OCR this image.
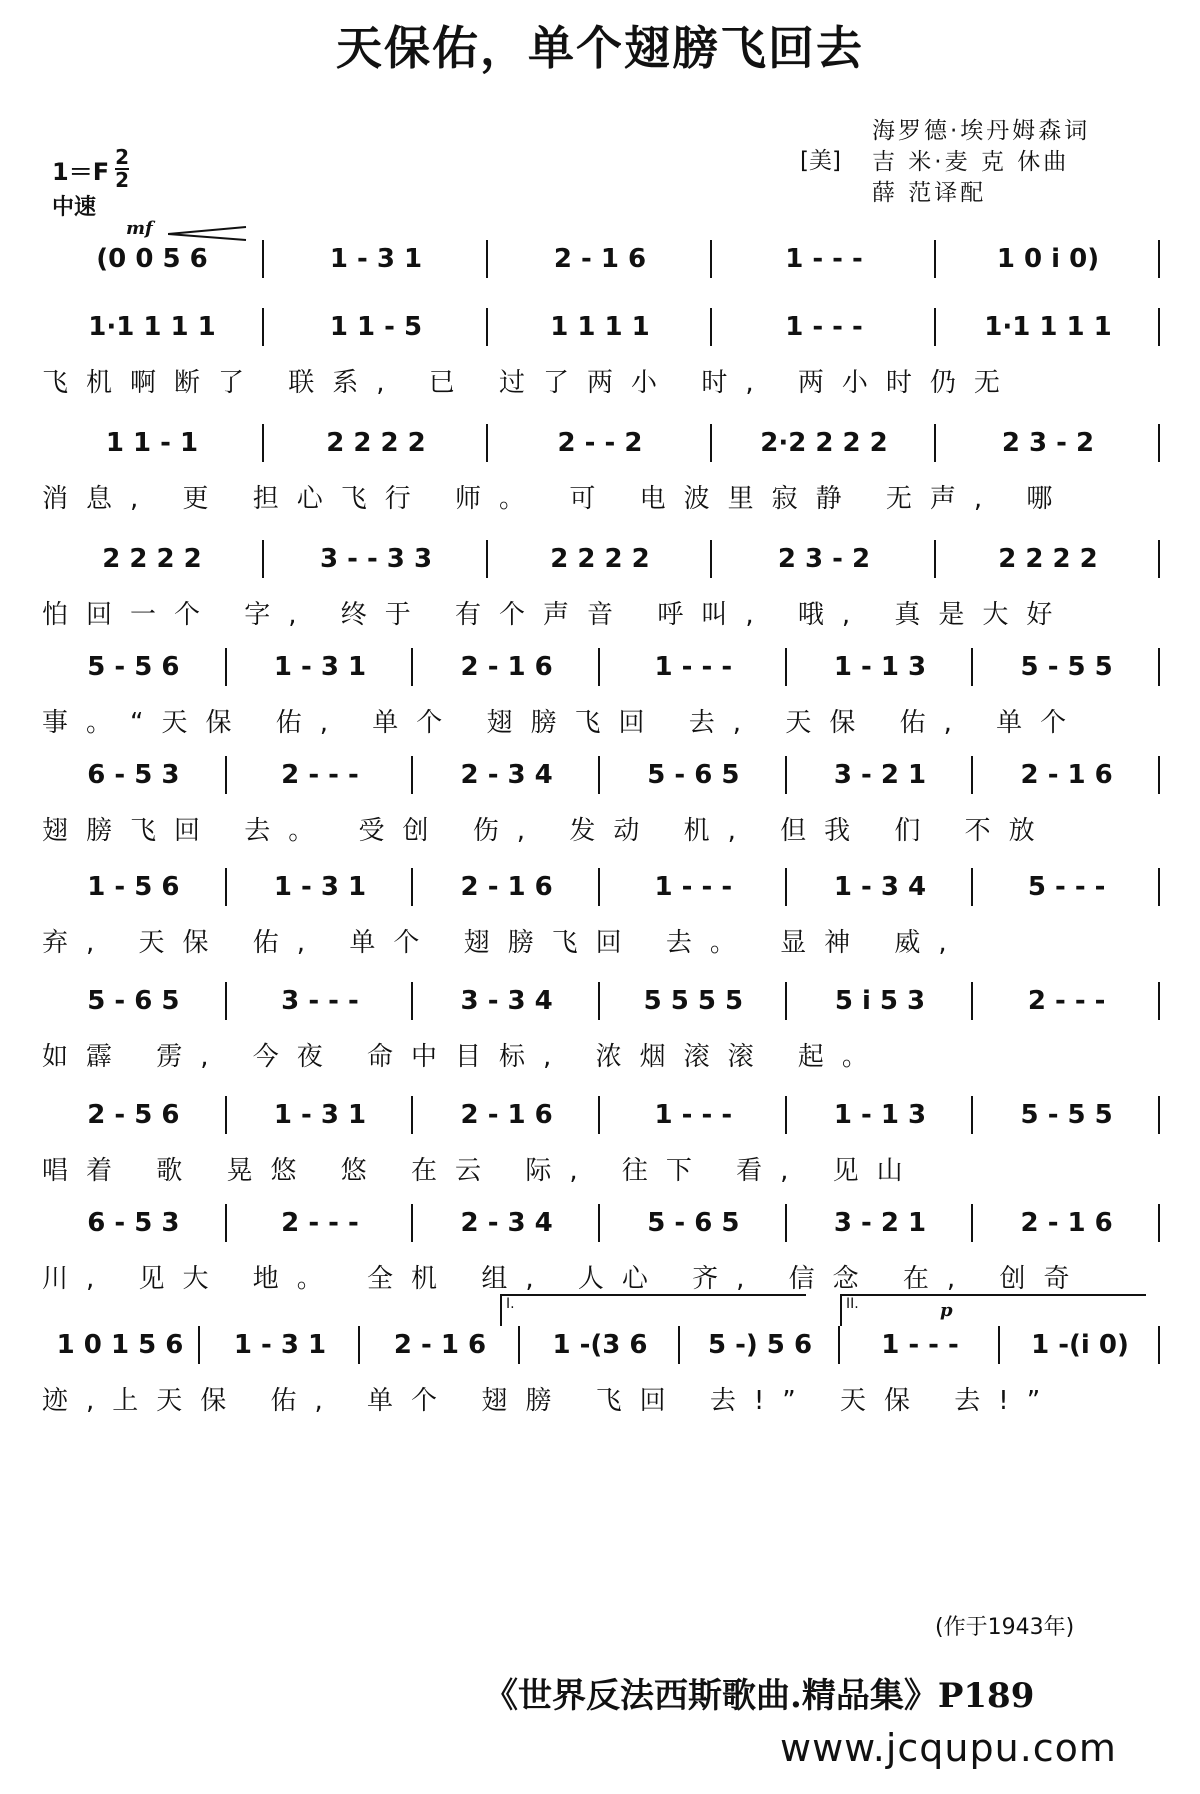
天保佑，单个翅膀飞回去
$1=F \frac{2}{2}$
中速
[美]
海罗德·埃丹姆森词
吉 米·麦 克 休曲
薛 范译配
mf
p
(0 0 5 6	1 - 3 1	2 - 1 6	1 - - -	1 0 i 0)
1·1 1 1 1	1 1 - 5	1 1 1 1	1 - - -	1·1 1 1 1
飞机啊断了 联系, 已 过了两小 时, 两小时仍无
1 1 - 1	2 2 2 2	2 - - 2	2·2 2 2 2	2 3 - 2
消息, 更 担心飞行 师。 可 电波里寂静 无声, 哪
2 2 2 2	3 - - 3 3	2 2 2 2	2 3 - 2	2 2 2 2
怕回一个 字, 终于 有个声音 呼叫, 哦, 真是大好
5 - 5 6	1 - 3 1	2 - 1 6	1 - - -	1 - 1 3	5 - 5 5
事。“天保 佑, 单个 翅膀飞回 去, 天保 佑, 单个
6 - 5 3	2 - - -	2 - 3 4	5 - 6 5	3 - 2 1	2 - 1 6
翅膀飞回 去。 受创 伤, 发动 机, 但我 们 不放
1 - 5 6	1 - 3 1	2 - 1 6	1 - - -	1 - 3 4	5 - - -
弃, 天保 佑, 单个 翅膀飞回 去。 显神 威,
5 - 6 5	3 - - -	3 - 3 4	5 5 5 5	5 i 5 3	2 - - -
如霹 雳, 今夜 命中目标, 浓烟滚滚 起。
2 - 5 6	1 - 3 1	2 - 1 6	1 - - -	1 - 1 3	5 - 5 5
唱着 歌 晃悠 悠 在云 际, 往下 看, 见山
6 - 5 3	2 - - -	2 - 3 4	5 - 6 5	3 - 2 1	2 - 1 6
川, 见大 地。 全机 组, 人心 齐, 信念 在, 创奇
1 0 1 5 6	1 - 3 1	2 - 1 6	1 -(3 6	5 -) 5 6	1 - - -	1 -(i 0)
迹,上天保 佑, 单个 翅膀 飞回 去!” 天保 去!”
I.	II.
(作于1943年)
《世界反法西斯歌曲.精品集》P189
www.jcqupu.com
